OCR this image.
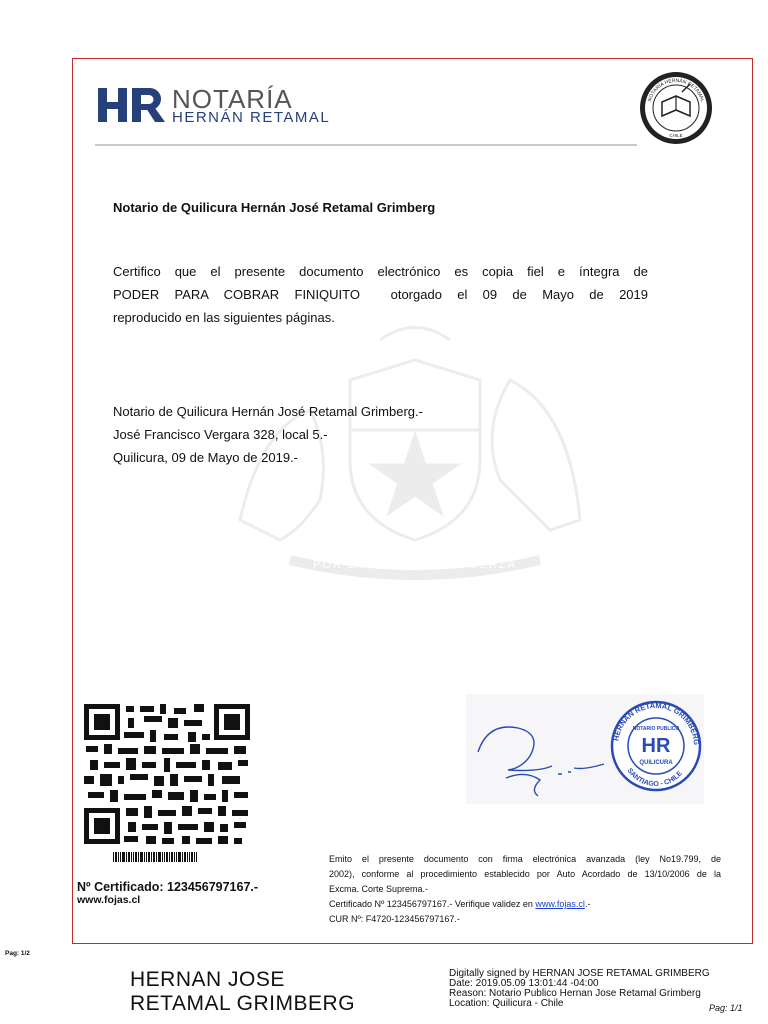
NOTARÍA
HERNÁN RETAMAL
NOTARÍA HERNÁN RETAMAL
CHILE
POR LA RAZÓN O LA FUERZA
Notario de Quilicura Hernán José Retamal Grimberg
Certifico que el presente documento electrónico es copia fiel e íntegra de
PODER PARA COBRAR FINIQUITO  otorgado el 09 de Mayo de 2019
reproducido en las siguientes páginas.
Notario de Quilicura Hernán José Retamal Grimberg.-
José Francisco Vergara 328, local 5.-
Quilicura, 09 de Mayo de 2019.-
HERNAN RETAMAL GRIMBERG
SANTIAGO - CHILE
NOTARIO PUBLICO
HR
QUILICURA
Nº Certificado: 123456797167.-
www.fojas.cl
Emito el presente documento con firma electrónica avanzada (ley No19.799, de
2002), conforme al procedimiento establecido por Auto Acordado de 13/10/2006 de la
Excma. Corte Suprema.-
Certificado Nº 123456797167.- Verifique validez en www.fojas.cl.-
CUR Nº: F4720-123456797167.-
Pag: 1/2
HERNAN JOSE
RETAMAL GRIMBERG
Digitally signed by HERNAN JOSE RETAMAL GRIMBERG
Date: 2019.05.09 13:01:44 -04:00
Reason: Notario Publico Hernan Jose Retamal Grimberg
Location: Quilicura - Chile	Pag: 1/1
